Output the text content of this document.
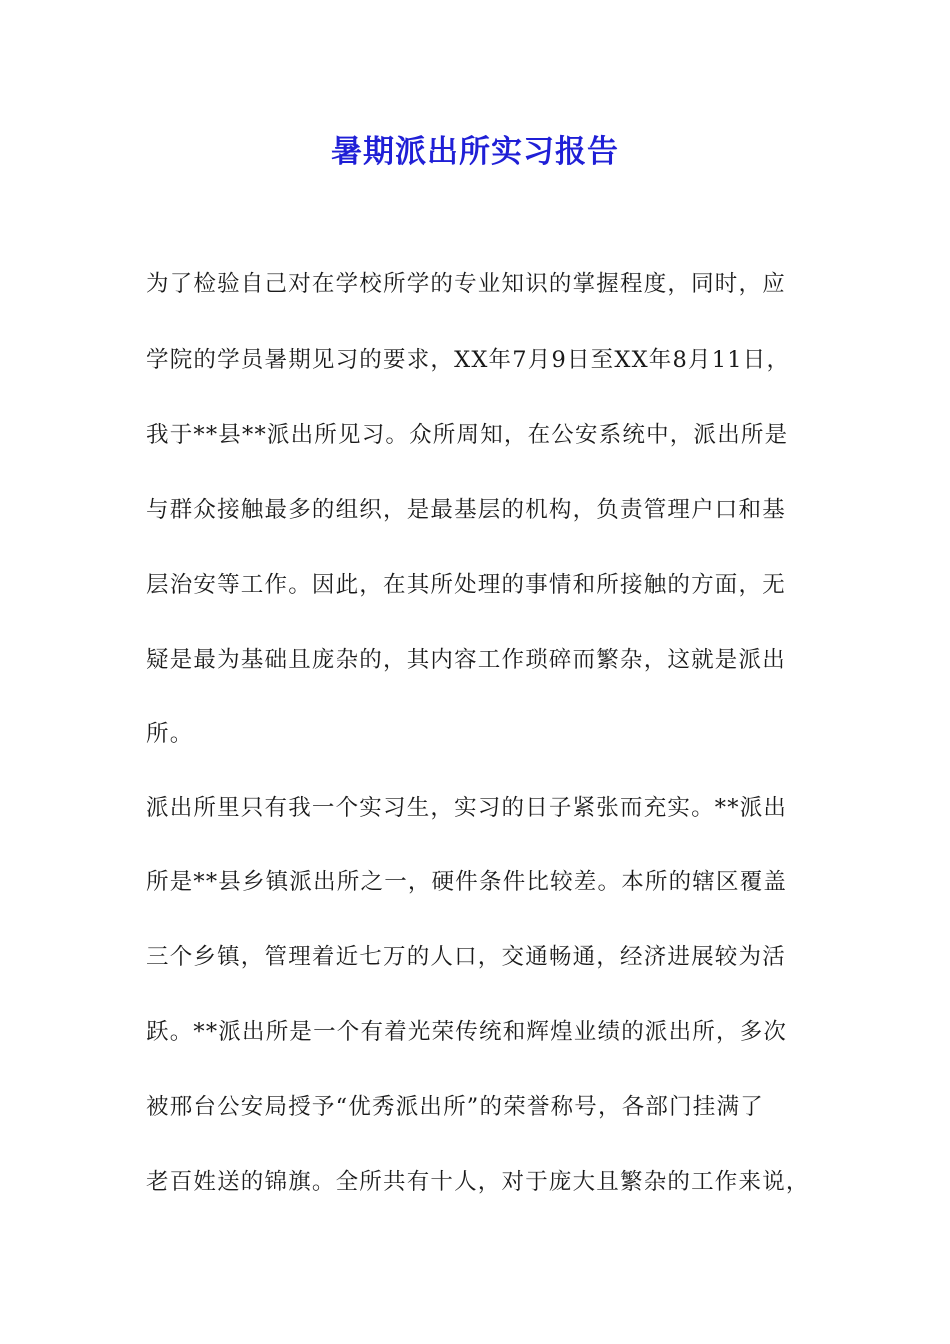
暑期派出所实习报告
为了检验自己对在学校所学的专业知识的掌握程度，同时，应
学院的学员暑期见习的要求，XX年7月9日至XX年8月11日，
我于**县**派出所见习。众所周知，在公安系统中，派出所是
与群众接触最多的组织，是最基层的机构，负责管理户口和基
层治安等工作。因此，在其所处理的事情和所接触的方面，无
疑是最为基础且庞杂的，其内容工作琐碎而繁杂，这就是派出
所。
派出所里只有我一个实习生，实习的日子紧张而充实。**派出
所是**县乡镇派出所之一，硬件条件比较差。本所的辖区覆盖
三个乡镇，管理着近七万的人口，交通畅通，经济进展较为活
跃。**派出所是一个有着光荣传统和辉煌业绩的派出所，多次
被邢台公安局授予“优秀派出所”的荣誉称号，各部门挂满了
老百姓送的锦旗。全所共有十人，对于庞大且繁杂的工作来说，
